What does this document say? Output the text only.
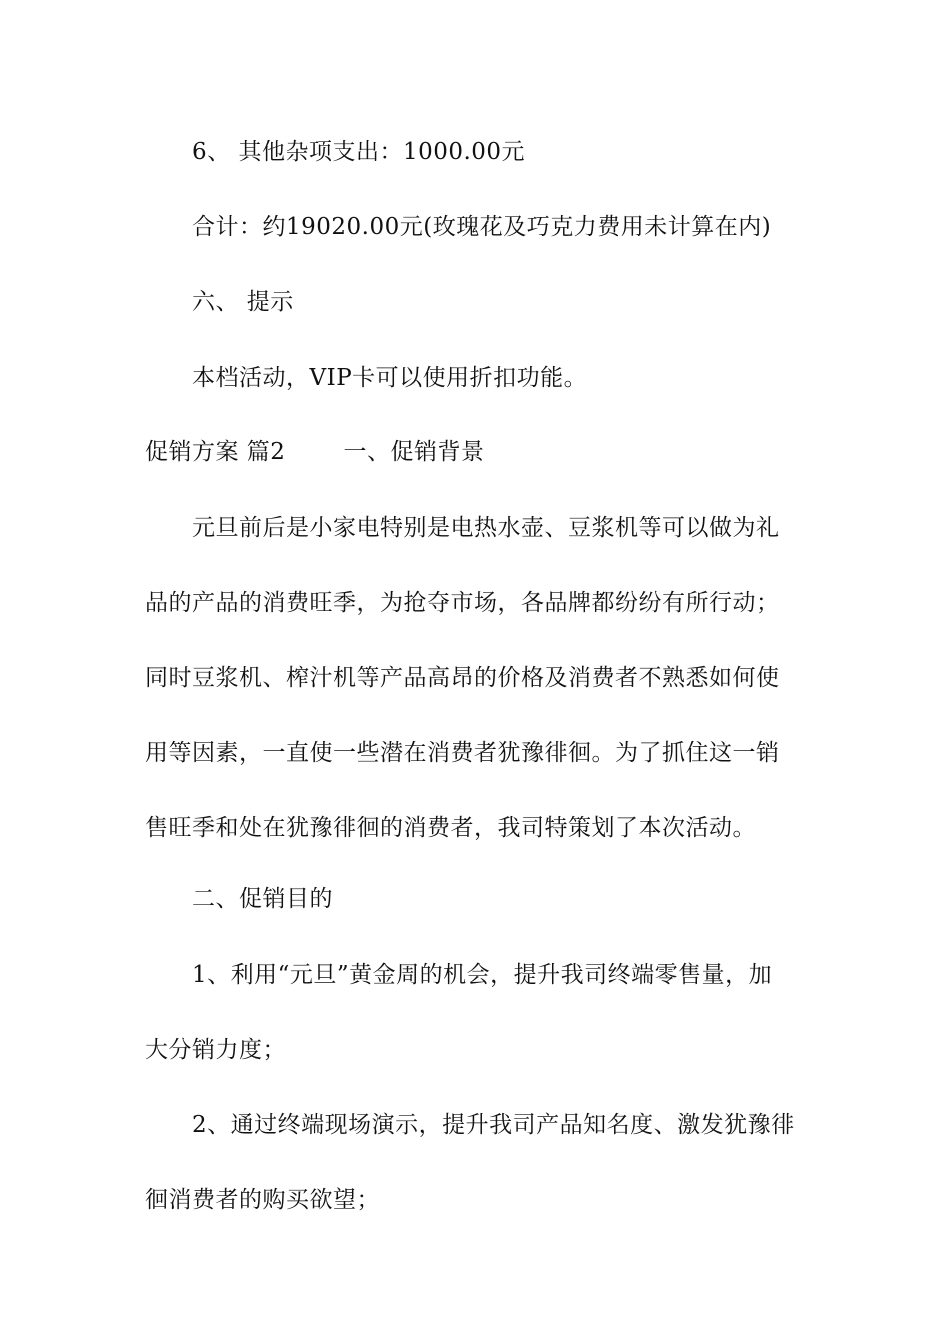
6、 其他杂项支出：1000.00元
合计：约19020.00元(玫瑰花及巧克力费用未计算在内)
六、 提示
本档活动，VIP卡可以使用折扣功能。
促销方案 篇2	一、促销背景
元旦前后是小家电特别是电热水壶、豆浆机等可以做为礼
品的产品的消费旺季，为抢夺市场，各品牌都纷纷有所行动；
同时豆浆机、榨汁机等产品高昂的价格及消费者不熟悉如何使
用等因素，一直使一些潜在消费者犹豫徘徊。为了抓住这一销
售旺季和处在犹豫徘徊的消费者，我司特策划了本次活动。
二、促销目的
1、利用“元旦”黄金周的机会，提升我司终端零售量，加
大分销力度；
2、通过终端现场演示，提升我司产品知名度、激发犹豫徘
徊消费者的购买欲望；
